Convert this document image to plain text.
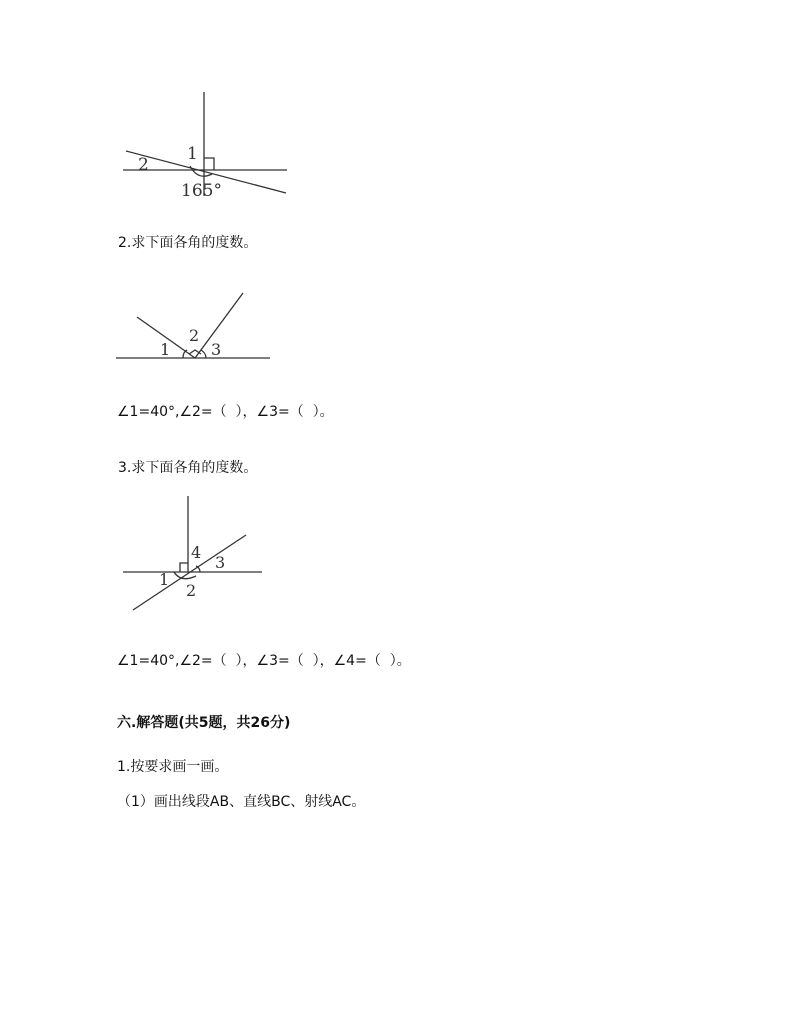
1
2
165°
2.求下面各角的度数。
1
2
3
∠1=40°,∠2=（  ），∠3=（  ）。
3.求下面各角的度数。
1
2
3
4
∠1=40°,∠2=（  ），∠3=（  ），∠4=（  ）。
六.解答题(共5题，共26分)
1.按要求画一画。
（1）画出线段AB、直线BC、射线AC。
